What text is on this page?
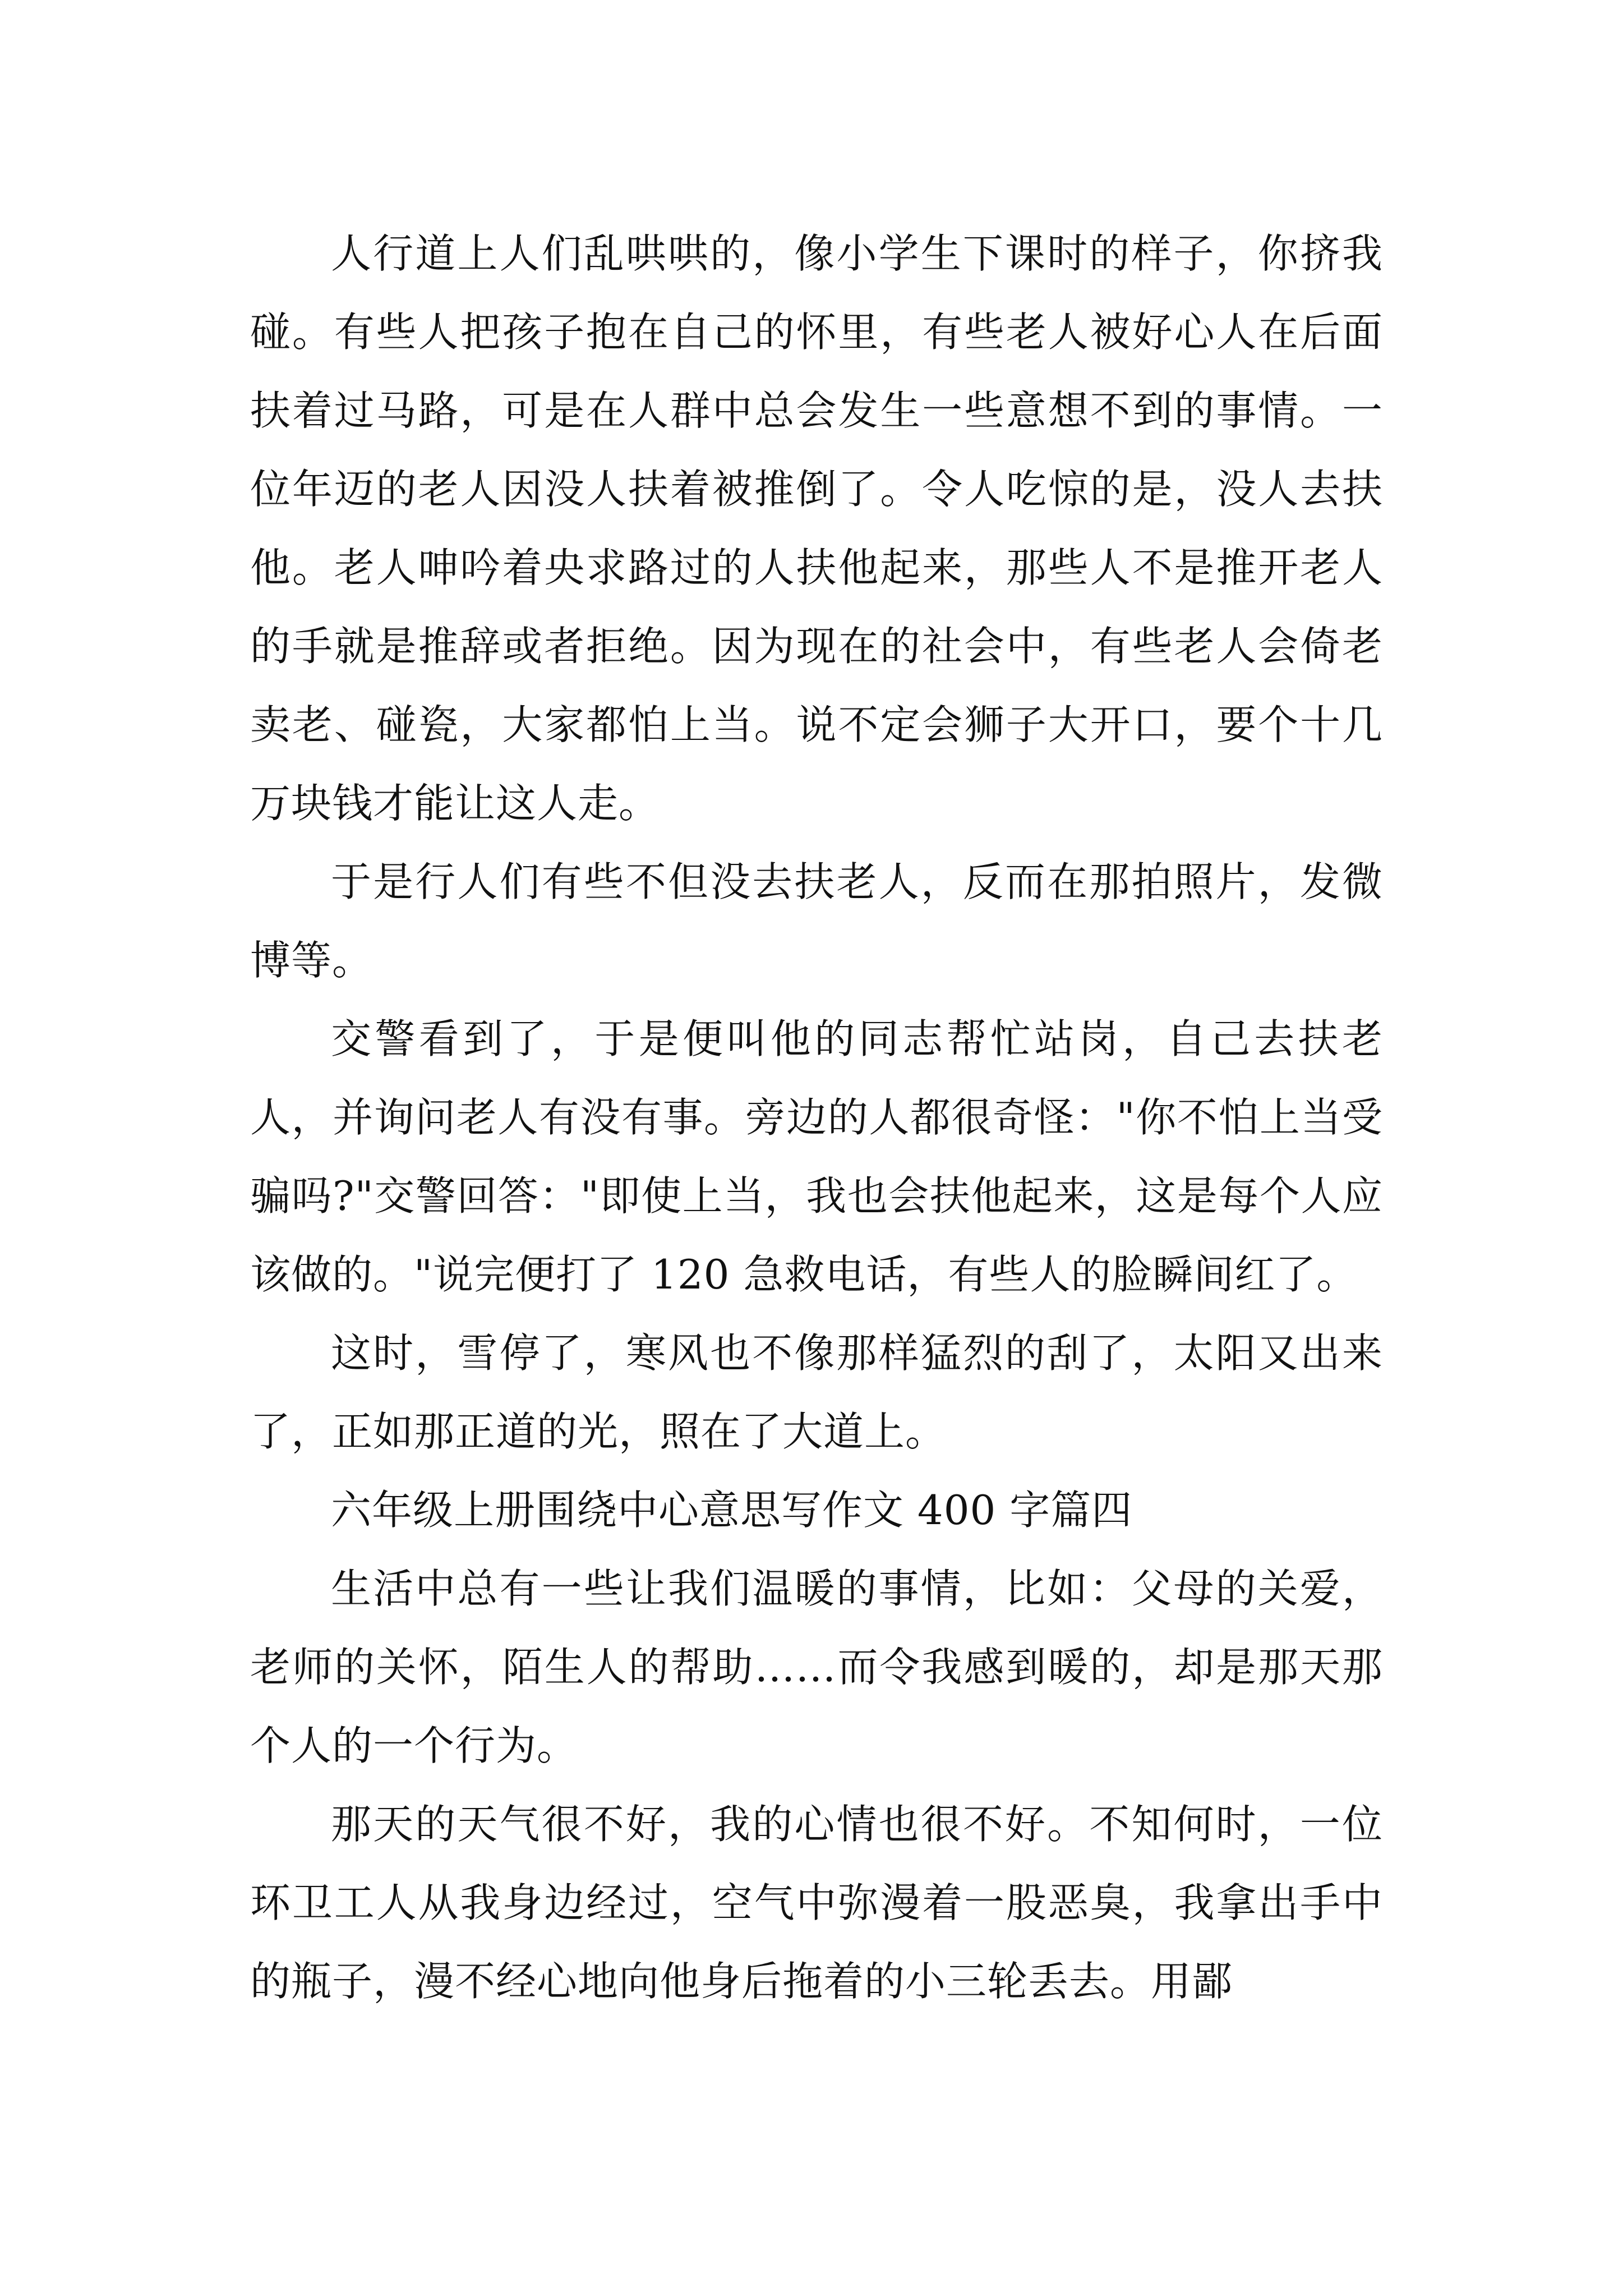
人行道上人们乱哄哄的，像小学生下课时的样子，你挤我碰。有些人把孩子抱在自己的怀里，有些老人被好心人在后面扶着过马路，可是在人群中总会发生一些意想不到的事情。一位年迈的老人因没人扶着被推倒了。令人吃惊的是，没人去扶他。老人呻吟着央求路过的人扶他起来，那些人不是推开老人的手就是推辞或者拒绝。因为现在的社会中，有些老人会倚老卖老、碰瓷，大家都怕上当。说不定会狮子大开口，要个十几万块钱才能让这人走。

于是行人们有些不但没去扶老人，反而在那拍照片，发微博等。

交警看到了，于是便叫他的同志帮忙站岗，自己去扶老人，并询问老人有没有事。旁边的人都很奇怪："你不怕上当受骗吗?"交警回答："即使上当，我也会扶他起来，这是每个人应该做的。"说完便打了 120 急救电话，有些人的脸瞬间红了。

这时，雪停了，寒风也不像那样猛烈的刮了，太阳又出来了，正如那正道的光，照在了大道上。

六年级上册围绕中心意思写作文 400 字篇四

生活中总有一些让我们温暖的事情，比如：父母的关爱，老师的关怀，陌生人的帮助……而令我感到暖的，却是那天那个人的一个行为。

那天的天气很不好，我的心情也很不好。不知何时，一位环卫工人从我身边经过，空气中弥漫着一股恶臭，我拿出手中的瓶子，漫不经心地向他身后拖着的小三轮丢去。用鄙
